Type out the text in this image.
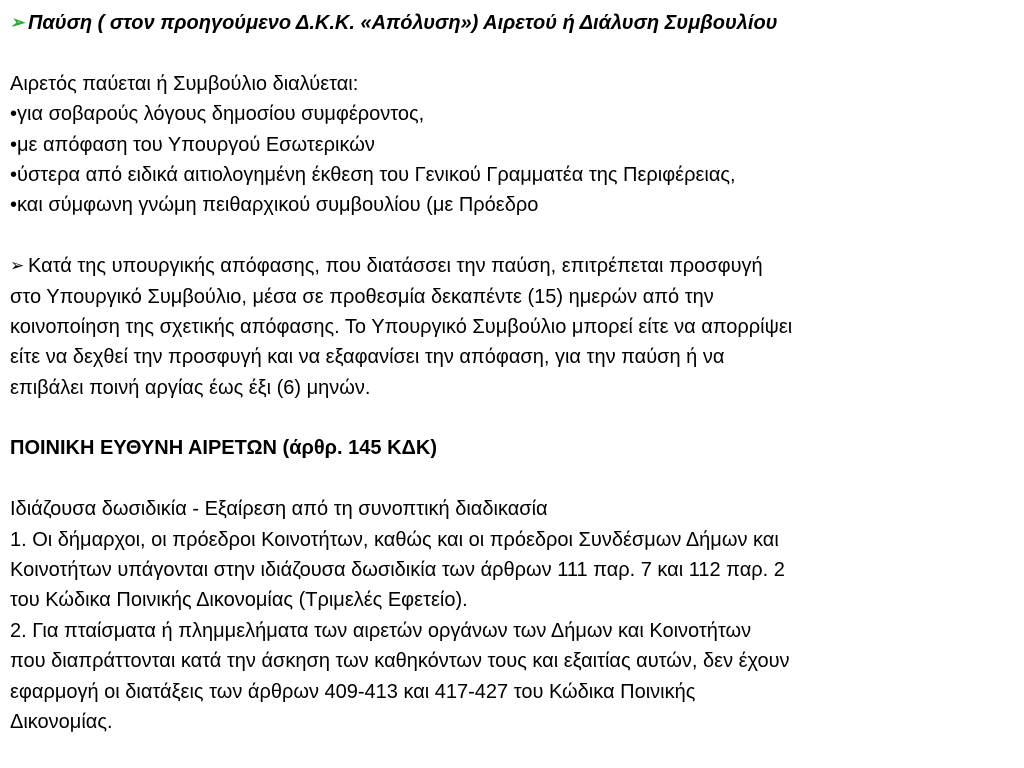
➢ Παύση ( στον προηγούμενο Δ.Κ.Κ. «Απόλυση») Αιρετού ή Διάλυση Συμβουλίου
Αιρετός παύεται ή Συμβούλιο διαλύεται:
•για σοβαρούς λόγους δημοσίου συμφέροντος,
•με απόφαση του Υπουργού Εσωτερικών
•ύστερα από ειδικά αιτιολογημένη έκθεση του Γενικού Γραμματέα της Περιφέρειας,
•και σύμφωνη γνώμη πειθαρχικού συμβουλίου (με Πρόεδρο
➢ Κατά της υπουργικής απόφασης, που διατάσσει την παύση, επιτρέπεται προσφυγή
στο Υπουργικό Συμβούλιο, μέσα σε προθεσμία δεκαπέντε (15) ημερών από την
κοινοποίηση της σχετικής απόφασης. Το Υπουργικό Συμβούλιο μπορεί είτε να απορρίψει
είτε να δεχθεί την προσφυγή και να εξαφανίσει την απόφαση, για την παύση ή να
επιβάλει ποινή αργίας έως έξι (6) μηνών.
ΠΟΙΝΙΚΗ ΕΥΘΥΝΗ ΑΙΡΕΤΩΝ (άρθρ. 145 ΚΔΚ)
Ιδιάζουσα δωσιδικία - Εξαίρεση από τη συνοπτική διαδικασία
1. Οι δήμαρχοι, οι πρόεδροι Κοινοτήτων, καθώς και οι πρόεδροι Συνδέσμων Δήμων και
Κοινοτήτων υπάγονται στην ιδιάζουσα δωσιδικία των άρθρων 111 παρ. 7 και 112 παρ. 2
του Κώδικα Ποινικής Δικονομίας (Τριμελές Εφετείο).
2. Για πταίσματα ή πλημμελήματα των αιρετών οργάνων των Δήμων και Κοινοτήτων
που διαπράττονται κατά την άσκηση των καθηκόντων τους και εξαιτίας αυτών, δεν έχουν
εφαρμογή οι διατάξεις των άρθρων 409-413 και 417-427 του Κώδικα Ποινικής
Δικονομίας.
